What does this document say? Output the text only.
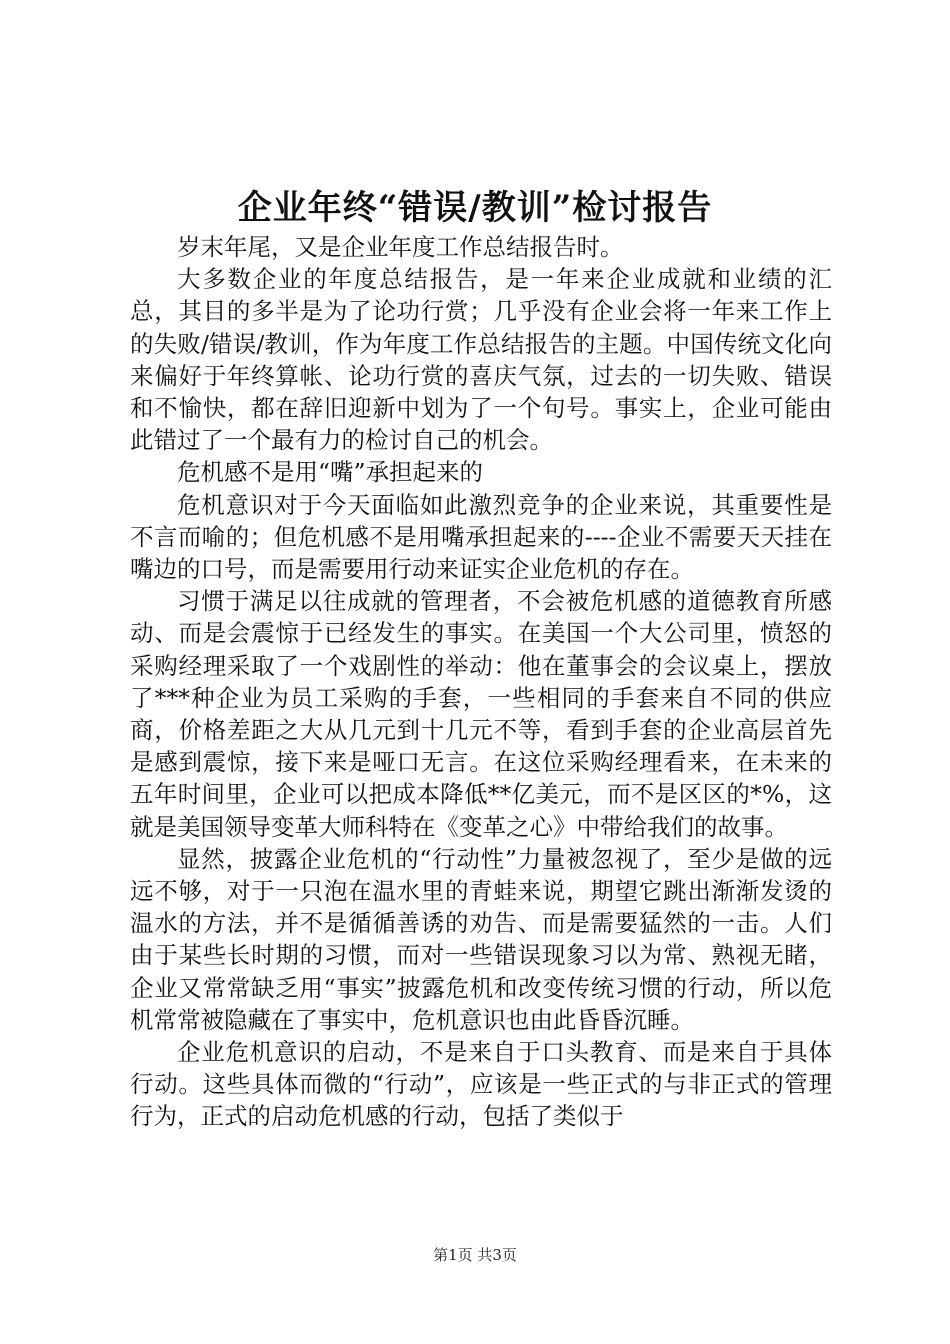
企业年终“错误/教训”检讨报告

岁末年尾，又是企业年度工作总结报告时。

大多数企业的年度总结报告，是一年来企业成就和业绩的汇总，其目的多半是为了论功行赏；几乎没有企业会将一年来工作上的失败/错误/教训，作为年度工作总结报告的主题。中国传统文化向来偏好于年终算帐、论功行赏的喜庆气氛，过去的一切失败、错误和不愉快，都在辞旧迎新中划为了一个句号。事实上，企业可能由此错过了一个最有力的检讨自己的机会。

危机感不是用“嘴”承担起来的

危机意识对于今天面临如此激烈竞争的企业来说，其重要性是不言而喻的；但危机感不是用嘴承担起来的----企业不需要天天挂在嘴边的口号，而是需要用行动来证实企业危机的存在。

习惯于满足以往成就的管理者，不会被危机感的道德教育所感动、而是会震惊于已经发生的事实。在美国一个大公司里，愤怒的采购经理采取了一个戏剧性的举动：他在董事会的会议桌上，摆放了***种企业为员工采购的手套，一些相同的手套来自不同的供应商，价格差距之大从几元到十几元不等，看到手套的企业高层首先是感到震惊，接下来是哑口无言。在这位采购经理看来，在未来的五年时间里，企业可以把成本降低**亿美元，而不是区区的*%，这就是美国领导变革大师科特在《变革之心》中带给我们的故事。

显然，披露企业危机的“行动性”力量被忽视了，至少是做的远远不够，对于一只泡在温水里的青蛙来说，期望它跳出渐渐发烫的温水的方法，并不是循循善诱的劝告、而是需要猛然的一击。人们由于某些长时期的习惯，而对一些错误现象习以为常、熟视无睹，企业又常常缺乏用“事实”披露危机和改变传统习惯的行动，所以危机常常被隐藏在了事实中，危机意识也由此昏昏沉睡。

企业危机意识的启动，不是来自于口头教育、而是来自于具体行动。这些具体而微的“行动”，应该是一些正式的与非正式的管理行为，正式的启动危机感的行动，包括了类似于

第1页 共3页
